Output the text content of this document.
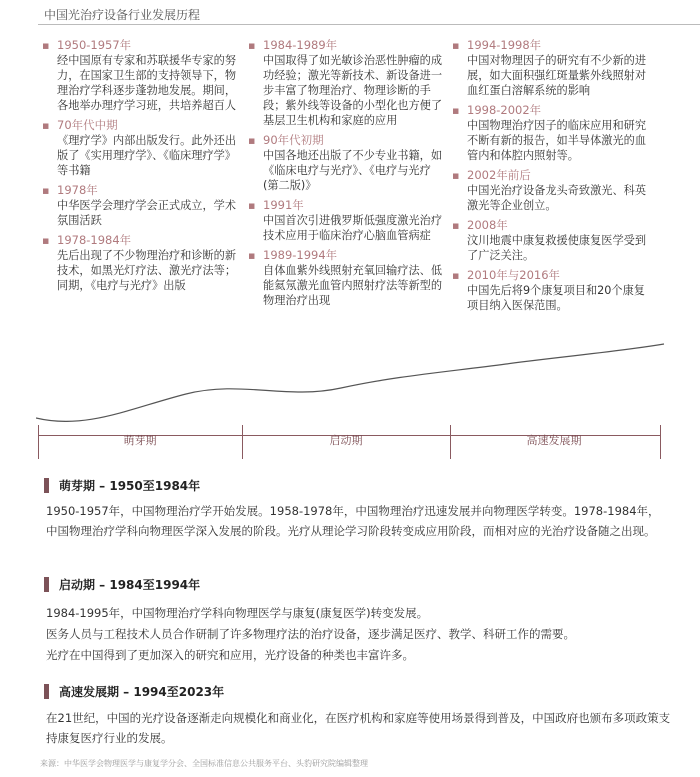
中国光治疗设备行业发展历程
▪ 1950-1957年
经中国原有专家和苏联援华专家的努力，在国家卫生部的支持领导下，物理治疗学科逐步蓬勃地发展。期间，各地举办理疗学习班，共培养超百人
▪ 70年代中期
《理疗学》内部出版发行。此外还出版了《实用理疗学》、《临床理疗学》等书籍
▪ 1978年
中华医学会理疗学会正式成立，学术氛围活跃
▪ 1978-1984年
先后出现了不少物理治疗和诊断的新技术，如黑光灯疗法、激光疗法等；同期，《电疗与光疗》出版
▪ 1984-1989年
中国取得了如光敏诊治恶性肿瘤的成功经验；激光等新技术、新设备进一步丰富了物理治疗、物理诊断的手段；紫外线等设备的小型化也方便了基层卫生机构和家庭的应用
▪ 90年代初期
中国各地还出版了不少专业书籍，如《临床电疗与光疗》、《电疗与光疗(第二版)》
▪ 1991年
中国首次引进俄罗斯低强度激光治疗技术应用于临床治疗心脑血管病症
▪ 1989-1994年
自体血紫外线照射充氧回输疗法、低能氦氖激光血管内照射疗法等新型的物理治疗出现
▪ 1994-1998年
中国对物理因子的研究有不少新的进展，如大面积强红斑量紫外线照射对血红蛋白溶解系统的影响
▪ 1998-2002年
中国物理治疗因子的临床应用和研究不断有新的报告，如半导体激光的血管内和体腔内照射等。
▪ 2002年前后
中国光治疗设备龙头奇致激光、科英激光等企业创立。
▪ 2008年
汶川地震中康复救援使康复医学受到了广泛关注。
▪ 2010年与2016年
中国先后将9个康复项目和20个康复项目纳入医保范围。
萌芽期	启动期	高速发展期
萌芽期 – 1950至1984年
1950-1957年，中国物理治疗学开始发展。1958-1978年，中国物理治疗迅速发展并向物理医学转变。1978-1984年，中国物理治疗学科向物理医学深入发展的阶段。光疗从理论学习阶段转变成应用阶段，而相对应的光治疗设备随之出现。
启动期 – 1984至1994年
1984-1995年，中国物理治疗学科向物理医学与康复(康复医学)转变发展。
医务人员与工程技术人员合作研制了许多物理疗法的治疗设备，逐步满足医疗、教学、科研工作的需要。
光疗在中国得到了更加深入的研究和应用，光疗设备的种类也丰富许多。
高速发展期 – 1994至2023年
在21世纪，中国的光疗设备逐渐走向规模化和商业化，在医疗机构和家庭等使用场景得到普及，中国政府也颁布多项政策支持康复医疗行业的发展。
来源：中华医学会物理医学与康复学分会、全国标准信息公共服务平台、头豹研究院编辑整理
